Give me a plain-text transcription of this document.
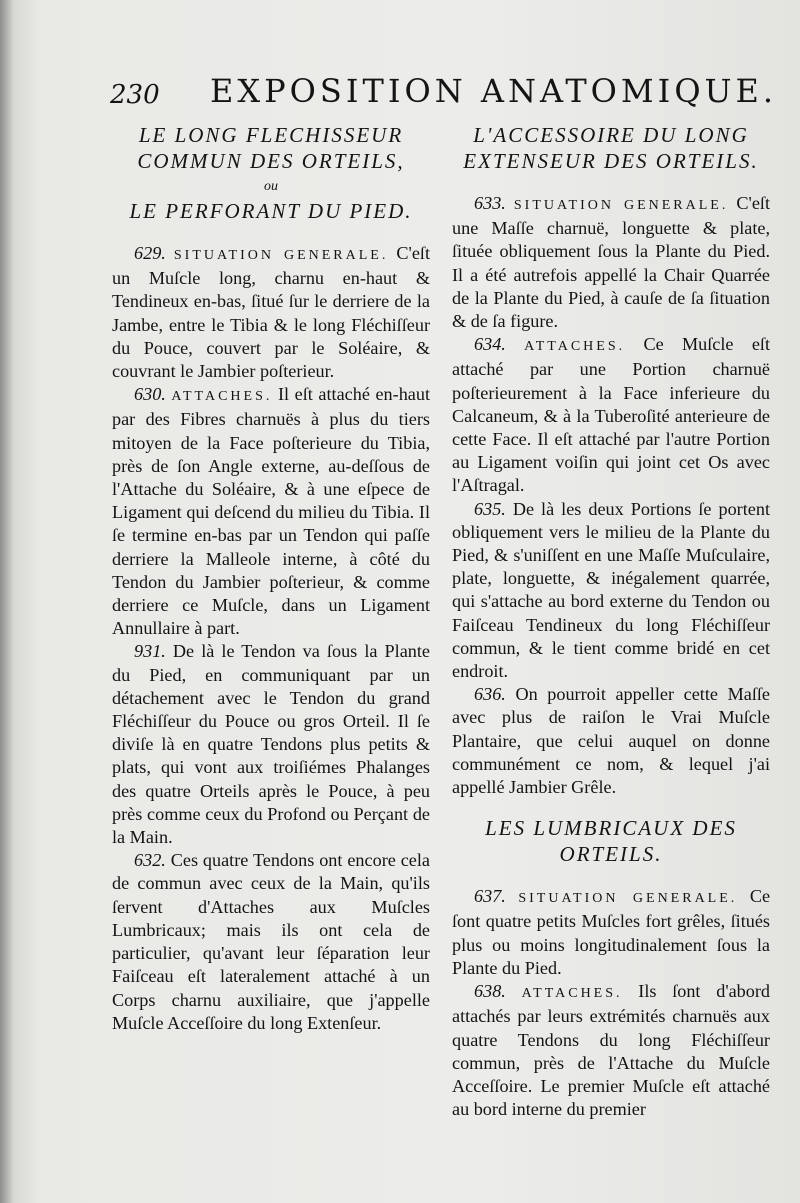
230 EXPOSITION ANATOMIQUE.

LE LONG FLECHISSEUR COMMUN DES ORTEILS,

ou

LE PERFORANT DU PIED.

629. SITUATION GENERALE. C'eſt un Muſcle long, charnu en-haut & Tendineux en-bas, ſitué ſur le derriere de la Jambe, entre le Tibia & le long Fléchiſſeur du Pouce, couvert par le Soléaire, & couvrant le Jambier poſterieur.

630. ATTACHES. Il eſt attaché en-haut par des Fibres charnuës à plus du tiers mitoyen de la Face poſterieure du Tibia, près de ſon Angle externe, au-deſſous de l'Attache du Soléaire, & à une eſpece de Ligament qui deſcend du milieu du Tibia. Il ſe termine en-bas par un Tendon qui paſſe derriere la Malleole interne, à côté du Tendon du Jambier poſterieur, & comme derriere ce Muſcle, dans un Ligament Annullaire à part.

931. De là le Tendon va ſous la Plante du Pied, en communiquant par un détachement avec le Tendon du grand Fléchiſſeur du Pouce ou gros Orteil. Il ſe diviſe là en quatre Tendons plus petits & plats, qui vont aux troiſiémes Phalanges des quatre Orteils après le Pouce, à peu près comme ceux du Profond ou Perçant de la Main.

632. Ces quatre Tendons ont encore cela de commun avec ceux de la Main, qu'ils ſervent d'Attaches aux Muſcles Lumbricaux; mais ils ont cela de particulier, qu'avant leur ſéparation leur Faiſceau eſt lateralement attaché à un Corps charnu auxiliaire, que j'appelle Muſcle Acceſſoire du long Extenſeur.

L'ACCESSOIRE DU LONG EXTENSEUR DES ORTEILS.

633. SITUATION GENERALE. C'eſt une Maſſe charnuë, longuette & plate, ſituée obliquement ſous la Plante du Pied. Il a été autrefois appellé la Chair Quarrée de la Plante du Pied, à cauſe de ſa ſituation & de ſa figure.

634. ATTACHES. Ce Muſcle eſt attaché par une Portion charnuë poſterieurement à la Face inferieure du Calcaneum, & à la Tuberoſité anterieure de cette Face. Il eſt attaché par l'autre Portion au Ligament voiſin qui joint cet Os avec l'Aſtragal.

635. De là les deux Portions ſe portent obliquement vers le milieu de la Plante du Pied, & s'uniſſent en une Maſſe Muſculaire, plate, longuette, & inégalement quarrée, qui s'attache au bord externe du Tendon ou Faiſceau Tendineux du long Fléchiſſeur commun, & le tient comme bridé en cet endroit.

636. On pourroit appeller cette Maſſe avec plus de raiſon le Vrai Muſcle Plantaire, que celui auquel on donne communément ce nom, & lequel j'ai appellé Jambier Grêle.

LES LUMBRICAUX DES ORTEILS.

637. SITUATION GENERALE. Ce ſont quatre petits Muſcles fort grêles, ſitués plus ou moins longitudinalement ſous la Plante du Pied.

638. ATTACHES. Ils ſont d'abord attachés par leurs extrémités charnuës aux quatre Tendons du long Fléchiſſeur commun, près de l'Attache du Muſcle Acceſſoire. Le premier Muſcle eſt attaché au bord interne du premier
